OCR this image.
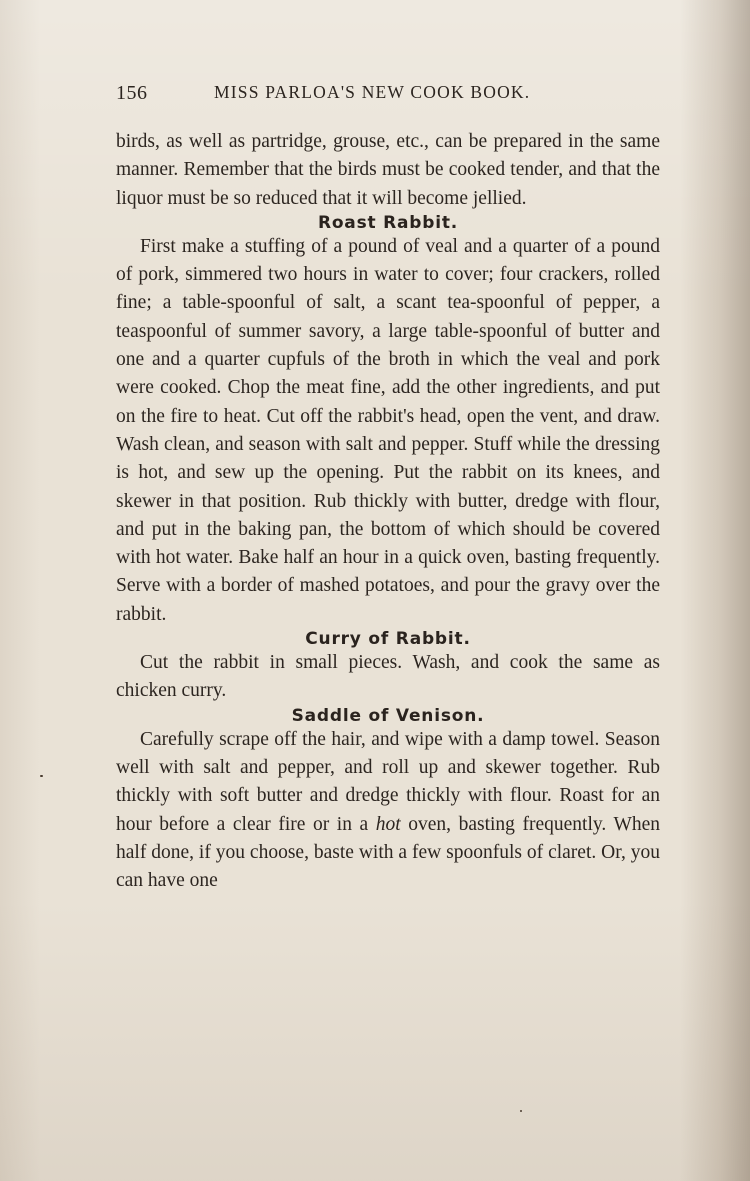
156	MISS PARLOA'S NEW COOK BOOK.

birds, as well as partridge, grouse, etc., can be prepared in the same manner. Remember that the birds must be cooked tender, and that the liquor must be so reduced that it will become jellied.

Roast Rabbit.

First make a stuffing of a pound of veal and a quarter of a pound of pork, simmered two hours in water to cover; four crackers, rolled fine; a table-spoonful of salt, a scant tea-spoonful of pepper, a teaspoonful of summer savory, a large table-spoonful of butter and one and a quarter cupfuls of the broth in which the veal and pork were cooked. Chop the meat fine, add the other ingredients, and put on the fire to heat. Cut off the rabbit's head, open the vent, and draw. Wash clean, and season with salt and pepper. Stuff while the dressing is hot, and sew up the opening. Put the rabbit on its knees, and skewer in that position. Rub thickly with butter, dredge with flour, and put in the baking pan, the bottom of which should be covered with hot water. Bake half an hour in a quick oven, basting frequently. Serve with a border of mashed potatoes, and pour the gravy over the rabbit.

Curry of Rabbit.

Cut the rabbit in small pieces. Wash, and cook the same as chicken curry.

Saddle of Venison.

Carefully scrape off the hair, and wipe with a damp towel. Season well with salt and pepper, and roll up and skewer together. Rub thickly with soft butter and dredge thickly with flour. Roast for an hour before a clear fire or in a hot oven, basting frequently. When half done, if you choose, baste with a few spoonfuls of claret. Or, you can have one
